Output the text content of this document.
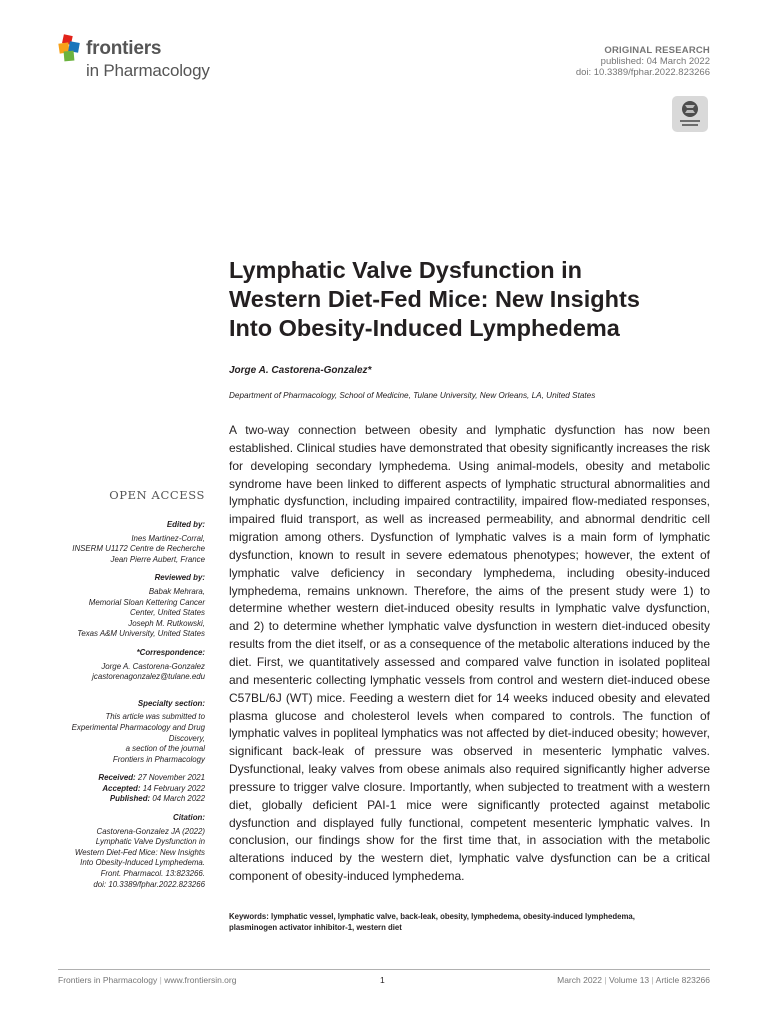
frontiers
in Pharmacology
ORIGINAL RESEARCH
published: 04 March 2022
doi: 10.3389/fphar.2022.823266
Lymphatic Valve Dysfunction in
Western Diet-Fed Mice: New Insights
Into Obesity-Induced Lymphedema
Jorge A. Castorena-Gonzalez*
Department of Pharmacology, School of Medicine, Tulane University, New Orleans, LA, United States

A two-way connection between obesity and lymphatic dysfunction has now been established. Clinical studies have demonstrated that obesity significantly increases the risk for developing secondary lymphedema. Using animal-models, obesity and metabolic syndrome have been linked to different aspects of lymphatic structural abnormalities and lymphatic dysfunction, including impaired contractility, impaired flow-mediated responses, impaired fluid transport, as well as increased permeability, and abnormal dendritic cell migration among others. Dysfunction of lymphatic valves is a main form of lymphatic dysfunction, known to result in severe edematous phenotypes; however, the extent of lymphatic valve deficiency in secondary lymphedema, including obesity-induced lymphedema, remains unknown. Therefore, the aims of the present study were 1) to determine whether western diet-induced obesity results in lymphatic valve dysfunction, and 2) to determine whether lymphatic valve dysfunction in western diet-induced obesity results from the diet itself, or as a consequence of the metabolic alterations induced by the diet. First, we quantitatively assessed and compared valve function in isolated popliteal and mesenteric collecting lymphatic vessels from control and western diet-induced obese C57BL/6J (WT) mice. Feeding a western diet for 14 weeks induced obesity and elevated plasma glucose and cholesterol levels when compared to controls. The function of lymphatic valves in popliteal lymphatics was not affected by diet-induced obesity; however, significant back-leak of pressure was observed in mesenteric lymphatic valves. Dysfunctional, leaky valves from obese animals also required significantly higher adverse pressure to trigger valve closure. Importantly, when subjected to treatment with a western diet, globally deficient PAI-1 mice were significantly protected against metabolic dysfunction and displayed fully functional, competent mesenteric lymphatic valves. In conclusion, our findings show for the first time that, in association with the metabolic alterations induced by the western diet, lymphatic valve dysfunction can be a critical component of obesity-induced lymphedema.

Keywords: lymphatic vessel, lymphatic valve, back-leak, obesity, lymphedema, obesity-induced lymphedema,
plasminogen activator inhibitor-1, western diet
OPEN ACCESS
Edited by:
Ines Martinez-Corral,
INSERM U1172 Centre de Recherche
Jean Pierre Aubert, France
Reviewed by:
Babak Mehrara,
Memorial Sloan Kettering Cancer
Center, United States
Joseph M. Rutkowski,
Texas A&M University, United States
*Correspondence:
Jorge A. Castorena-Gonzalez
jcastorenagonzalez@tulane.edu
Specialty section:
This article was submitted to
Experimental Pharmacology and Drug
Discovery,
a section of the journal
Frontiers in Pharmacology
Received: 27 November 2021
Accepted: 14 February 2022
Published: 04 March 2022
Citation:
Castorena-Gonzalez JA (2022)
Lymphatic Valve Dysfunction in
Western Diet-Fed Mice: New Insights
Into Obesity-Induced Lymphedema.
Front. Pharmacol. 13:823266.
doi: 10.3389/fphar.2022.823266
Frontiers in Pharmacology | www.frontiersin.org	1	March 2022 | Volume 13 | Article 823266
